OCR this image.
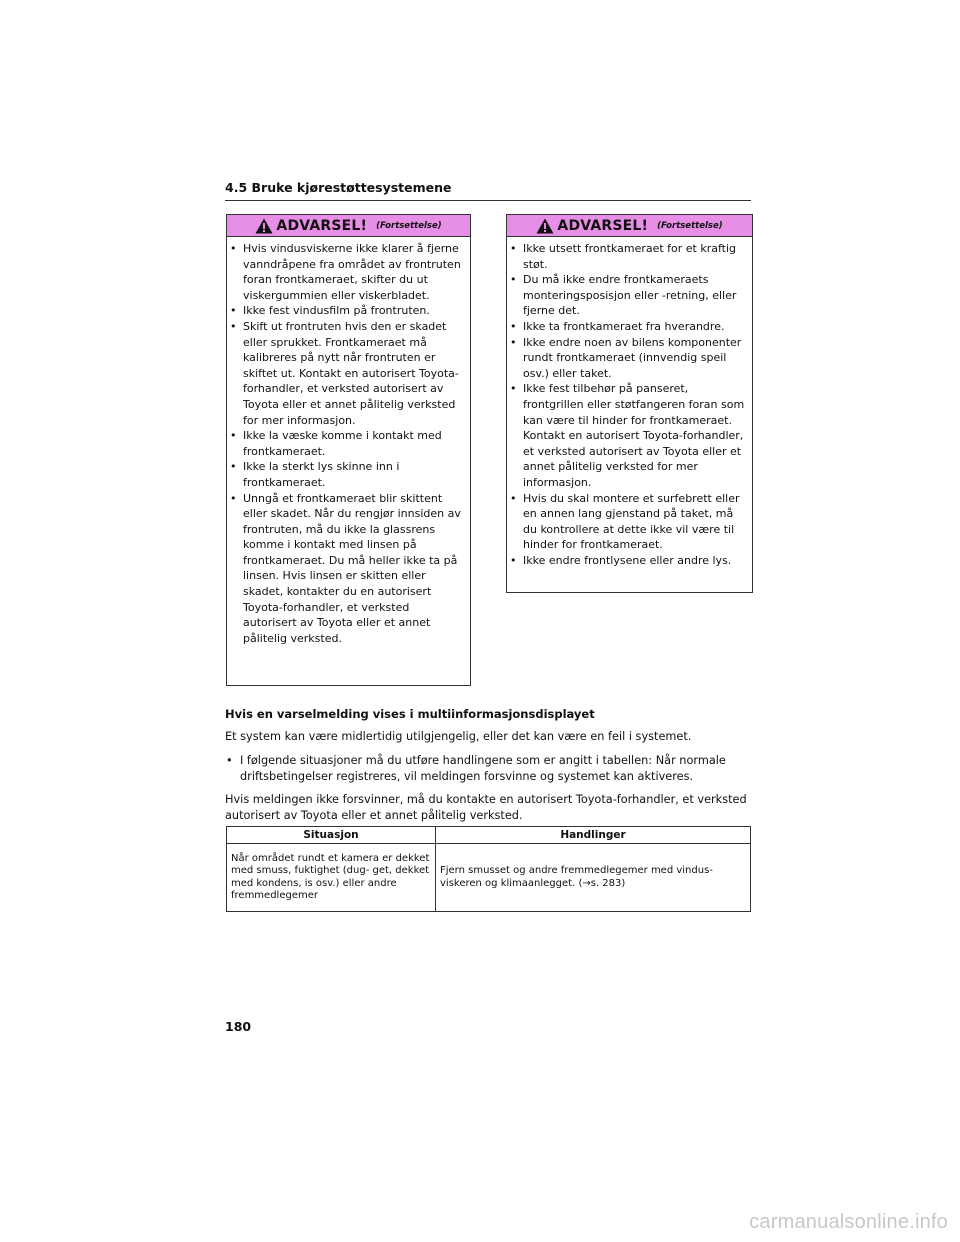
4.5 Bruke kjørestøttesystemene
ADVARSEL! (Fortsettelse)
• Hvis vindusviskerne ikke klarer å fjerne vanndråpene fra området av frontruten foran frontkameraet, skifter du ut viskergummien eller viskerbladet.
• Ikke fest vindusfilm på frontruten.
• Skift ut frontruten hvis den er skadet eller sprukket. Frontkameraet må kalibreres på nytt når frontruten er skiftet ut. Kontakt en autorisert Toyota-forhandler, et verksted autorisert av Toyota eller et annet pålitelig verksted for mer informasjon.
• Ikke la væske komme i kontakt med frontkameraet.
• Ikke la sterkt lys skinne inn i frontkameraet.
• Unngå et frontkameraet blir skittent eller skadet. Når du rengjør innsiden av frontruten, må du ikke la glassrens komme i kontakt med linsen på frontkameraet. Du må heller ikke ta på linsen. Hvis linsen er skitten eller skadet, kontakter du en autorisert Toyota-forhandler, et verksted autorisert av Toyota eller et annet pålitelig verksted.
ADVARSEL! (Fortsettelse)
• Ikke utsett frontkameraet for et kraftig støt.
• Du må ikke endre frontkameraets monteringsposisjon eller -retning, eller fjerne det.
• Ikke ta frontkameraet fra hverandre.
• Ikke endre noen av bilens komponenter rundt frontkameraet (innvendig speil osv.) eller taket.
• Ikke fest tilbehør på panseret, frontgrillen eller støtfangeren foran som kan være til hinder for frontkameraet. Kontakt en autorisert Toyota-forhandler, et verksted autorisert av Toyota eller et annet pålitelig verksted for mer informasjon.
• Hvis du skal montere et surfebrett eller en annen lang gjenstand på taket, må du kontrollere at dette ikke vil være til hinder for frontkameraet.
• Ikke endre frontlysene eller andre lys.
Hvis en varselmelding vises i multiinformasjonsdisplayet
Et system kan være midlertidig utilgjengelig, eller det kan være en feil i systemet.
• I følgende situasjoner må du utføre handlingene som er angitt i tabellen: Når normale driftsbetingelser registreres, vil meldingen forsvinne og systemet kan aktiveres.
Hvis meldingen ikke forsvinner, må du kontakte en autorisert Toyota-forhandler, et verksted autorisert av Toyota eller et annet pålitelig verksted.
Situasjon	Handlinger
Når området rundt et kamera er dekket med smuss, fuktighet (dug- get, dekket med kondens, is osv.) eller andre fremmedlegemer	Fjern smusset og andre fremmedlegemer med vindus- viskeren og klimaanlegget. (→s. 283)
180
carmanualsonline.info
